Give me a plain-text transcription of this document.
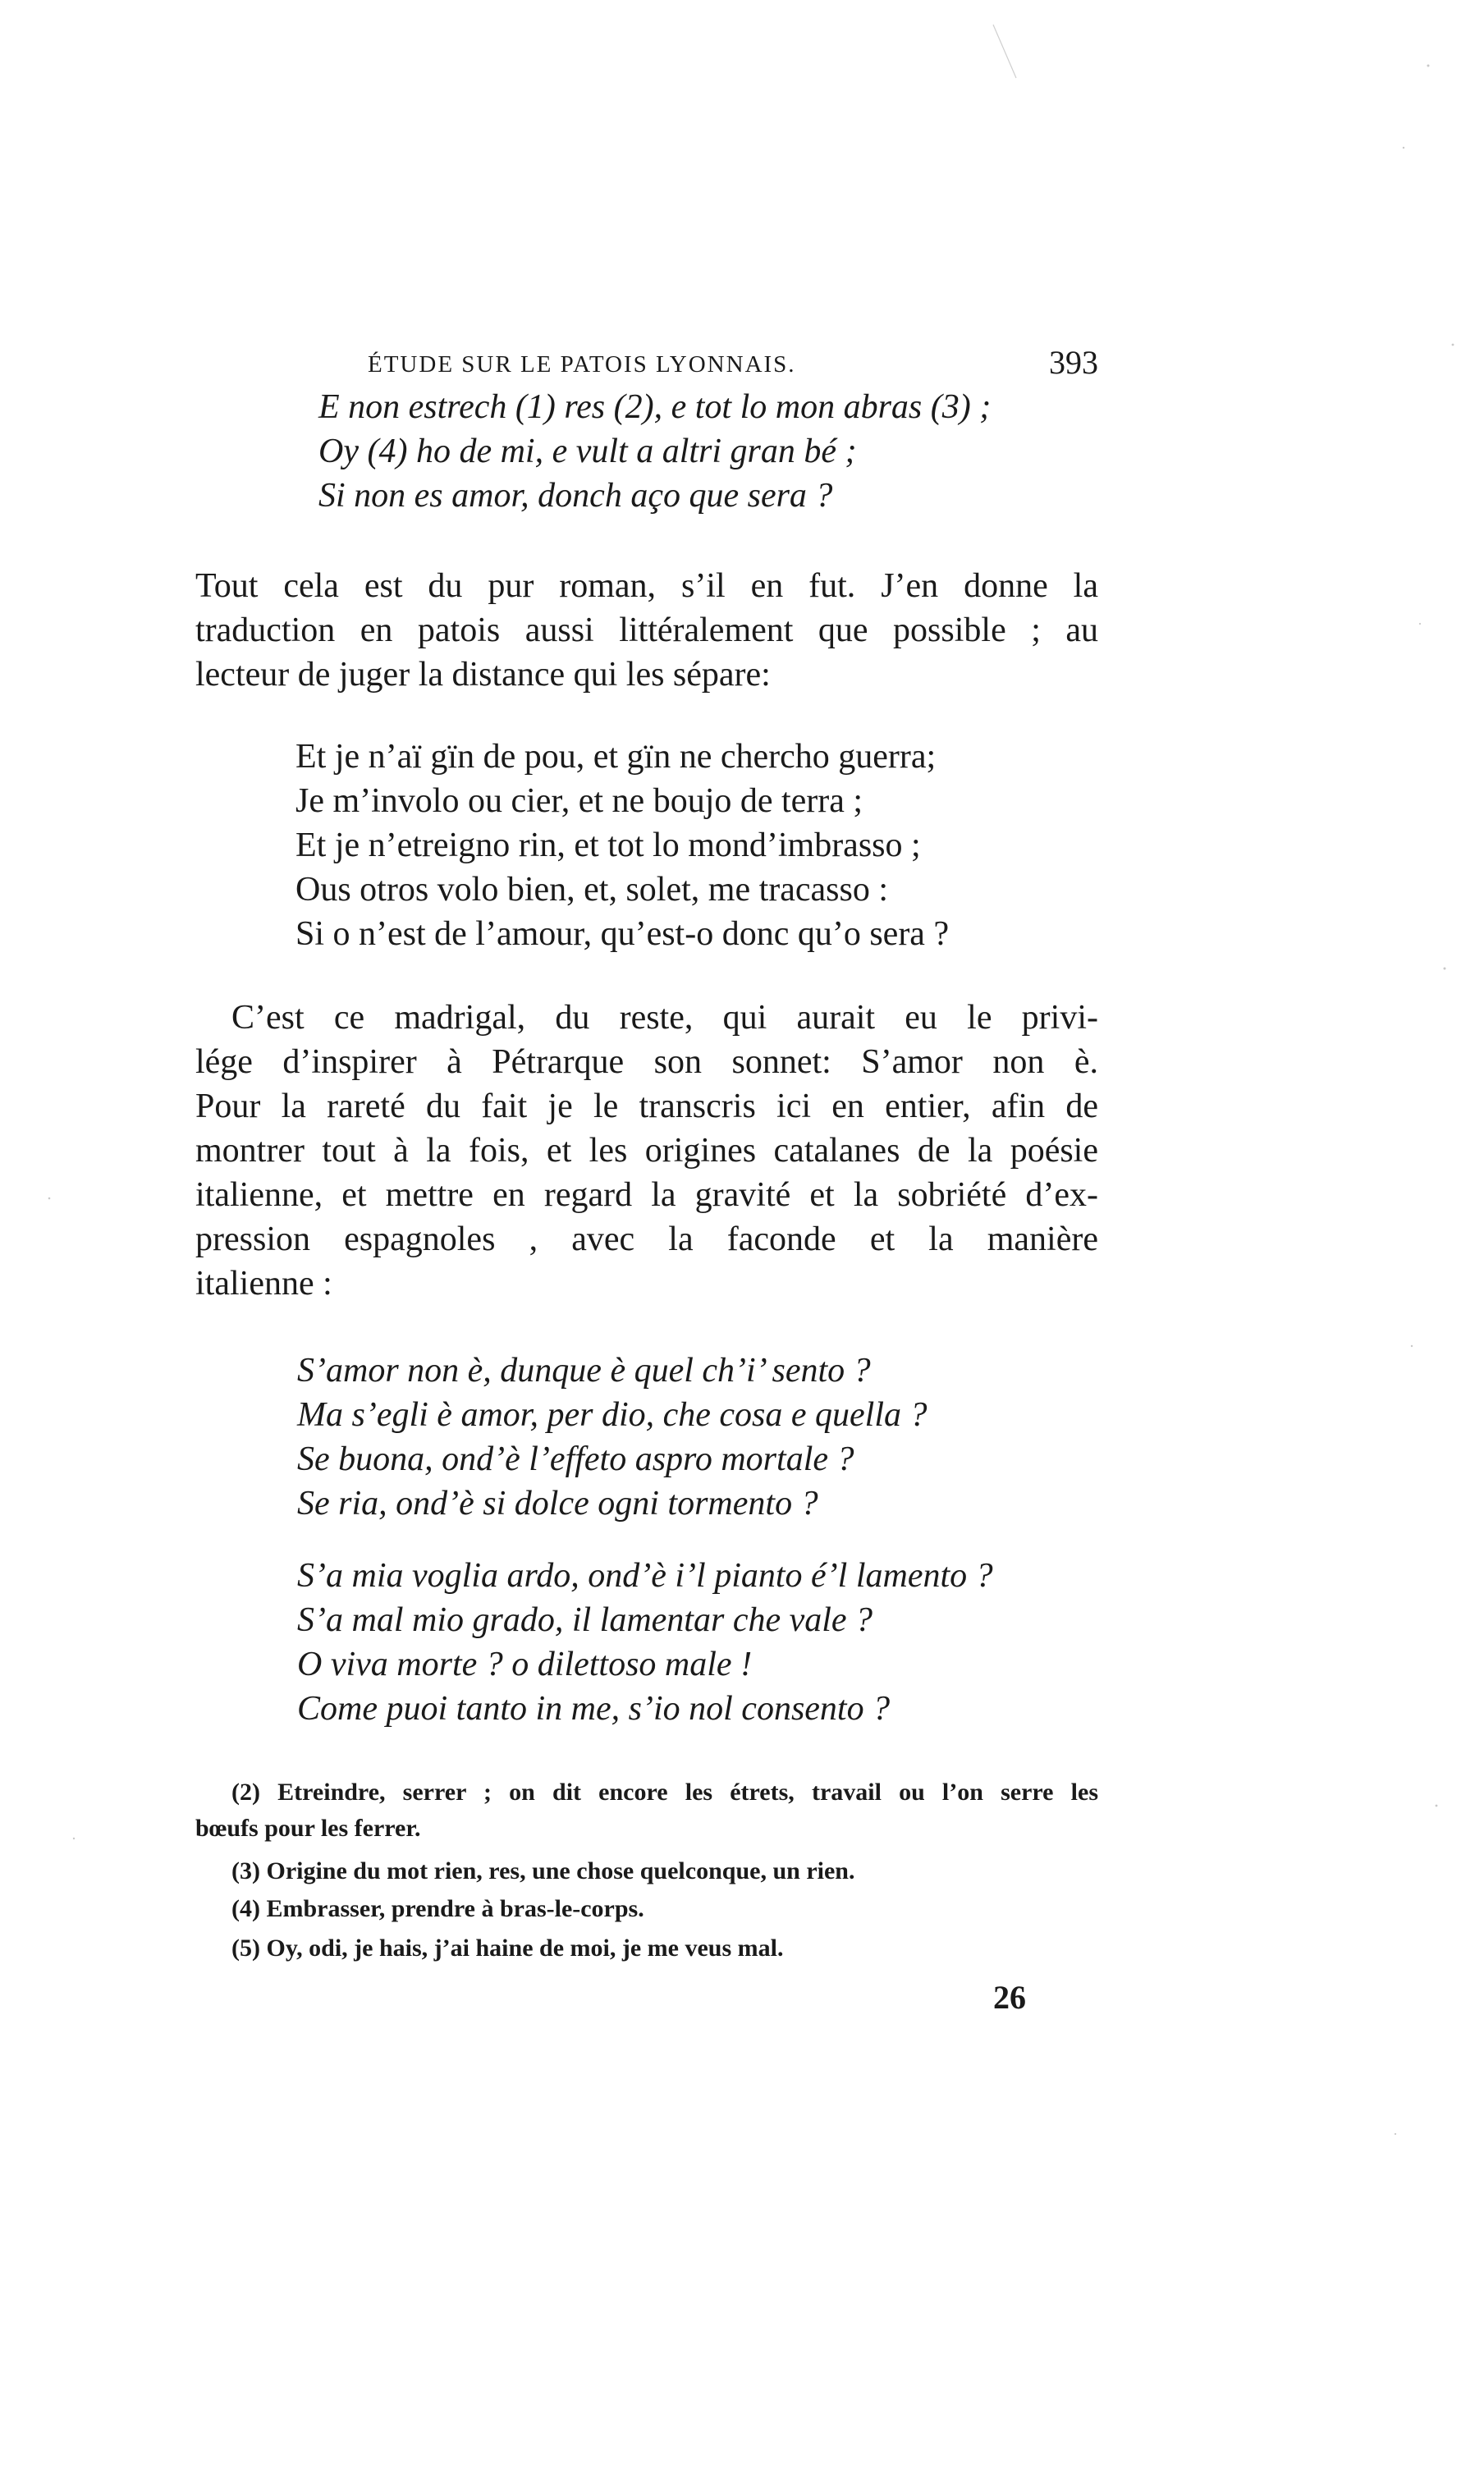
ÉTUDE SUR LE PATOIS LYONNAIS.	393
E non estrech (1) res (2), e tot lo mon abras (3) ;
Oy (4) ho de mi, e vult a altri gran bé ;
Si non es amor, donch aço que sera ?
Tout cela est du pur roman, s’il en fut. J’en donne la
traduction en patois aussi littéralement que possible ; au
lecteur de juger la distance qui les sépare:
Et je n’aï gïn de pou, et gïn ne chercho guerra;
Je m’involo ou cier, et ne boujo de terra ;
Et je n’etreigno rin, et tot lo mond’imbrasso ;
Ous otros volo bien, et, solet, me tracasso :
Si o n’est de l’amour, qu’est-o donc qu’o sera ?
C’est ce madrigal, du reste, qui aurait eu le privi-
lége d’inspirer à Pétrarque son sonnet: S’amor non è.
Pour la rareté du fait je le transcris ici en entier, afin de
montrer tout à la fois, et les origines catalanes de la poésie
italienne, et mettre en regard la gravité et la sobriété d’ex-
pression espagnoles , avec la faconde et la manière
italienne :
S’amor non è, dunque è quel ch’i’ sento ?
Ma s’egli è amor, per dio, che cosa e quella ?
Se buona, ond’è l’effeto aspro mortale ?
Se ria, ond’è si dolce ogni tormento ?
S’a mia voglia ardo, ond’è i’l pianto é’l lamento ?
S’a mal mio grado, il lamentar che vale ?
O viva morte ? o dilettoso male !
Come puoi tanto in me, s’io nol consento ?
(2) Etreindre, serrer ; on dit encore les étrets, travail ou l’on serre les
bœufs pour les ferrer.
(3) Origine du mot rien, res, une chose quelconque, un rien.
(4) Embrasser, prendre à bras-le-corps.
(5) Oy, odi, je hais, j’ai haine de moi, je me veus mal.
26
